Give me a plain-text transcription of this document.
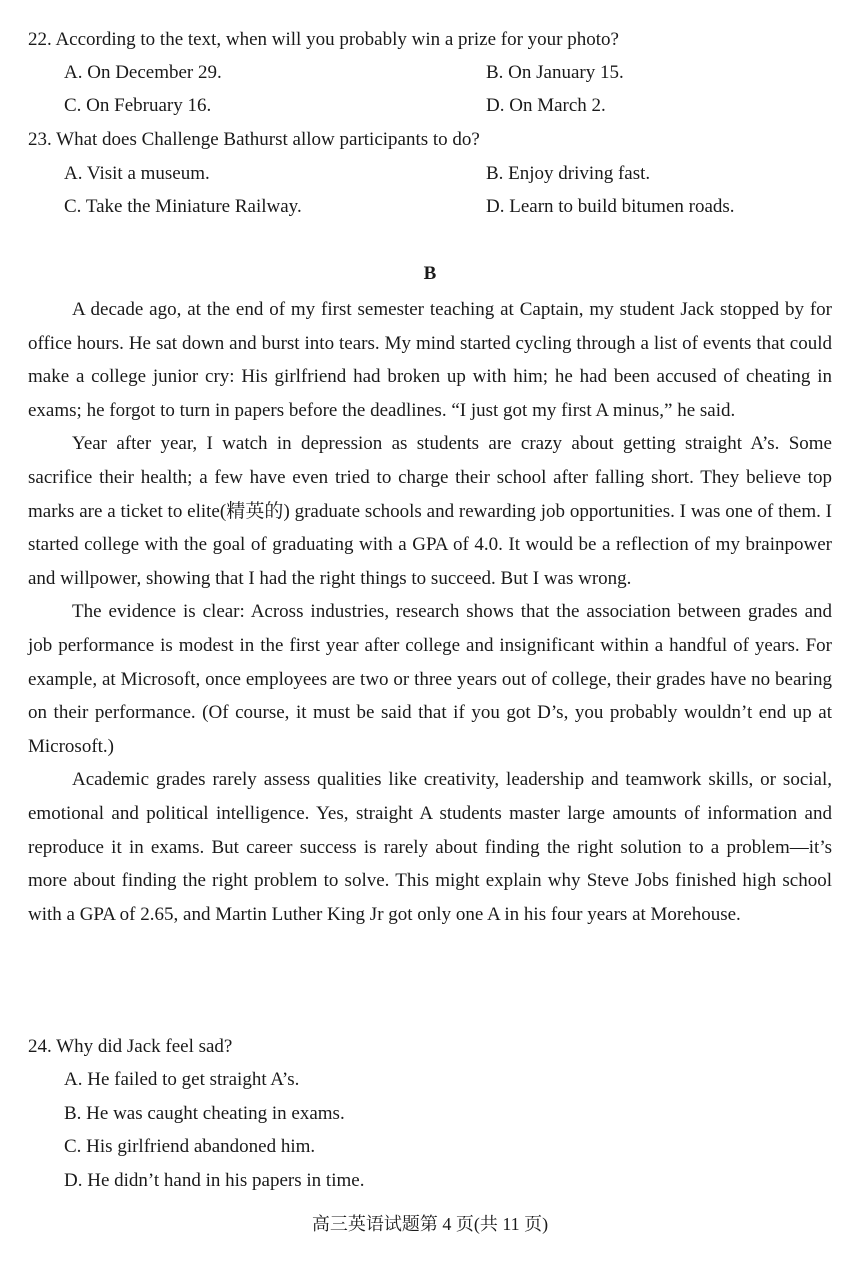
22. According to the text, when will you probably win a prize for your photo?
A. On December 29.	B. On January 15.
C. On February 16.	D. On March 2.
23. What does Challenge Bathurst allow participants to do?
A. Visit a museum.	B. Enjoy driving fast.
C. Take the Miniature Railway.	D. Learn to build bitumen roads.
B

A decade ago, at the end of my first semester teaching at Captain, my student Jack stopped by for office hours. He sat down and burst into tears. My mind started cycling through a list of events that could make a college junior cry: His girlfriend had broken up with him; he had been accused of cheating in exams; he forgot to turn in papers before the deadlines. “I just got my first A minus,” he said.

Year after year, I watch in depression as students are crazy about getting straight A’s. Some sacrifice their health; a few have even tried to charge their school after falling short. They believe top marks are a ticket to elite(精英的) graduate schools and rewarding job opportunities. I was one of them. I started college with the goal of graduating with a GPA of 4.0. It would be a reflection of my brainpower and willpower, showing that I had the right things to succeed. But I was wrong.

The evidence is clear: Across industries, research shows that the association between grades and job performance is modest in the first year after college and insignificant within a handful of years. For example, at Microsoft, once employees are two or three years out of college, their grades have no bearing on their performance. (Of course, it must be said that if you got D’s, you probably wouldn’t end up at Microsoft.)

Academic grades rarely assess qualities like creativity, leadership and teamwork skills, or social, emotional and political intelligence. Yes, straight A students master large amounts of information and reproduce it in exams. But career success is rarely about finding the right solution to a problem—it’s more about finding the right problem to solve. This might explain why Steve Jobs finished high school with a GPA of 2.65, and Martin Luther King Jr got only one A in his four years at Morehouse.

24. Why did Jack feel sad?
A. He failed to get straight A’s.
B. He was caught cheating in exams.
C. His girlfriend abandoned him.
D. He didn’t hand in his papers in time.
高三英语试题第 4 页(共 11 页)
